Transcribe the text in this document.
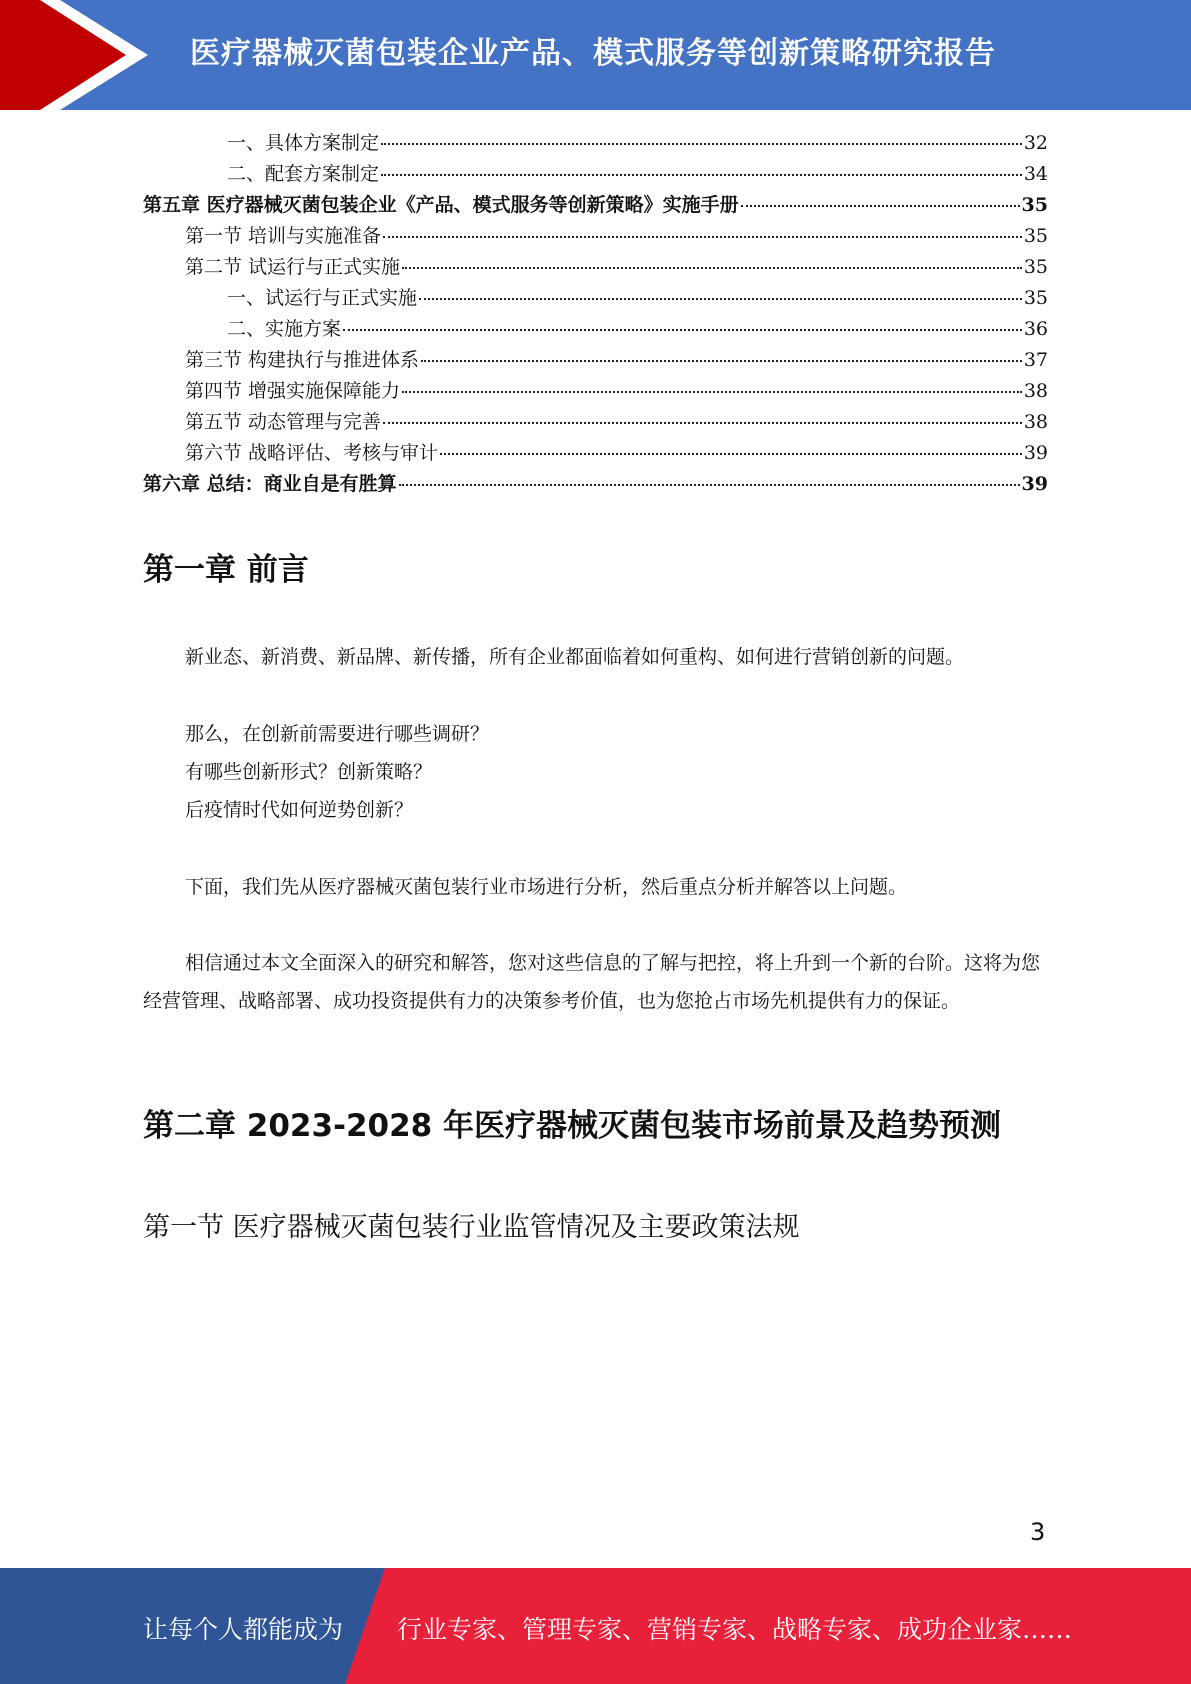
医疗器械灭菌包装企业产品、模式服务等创新策略研究报告
一、具体方案制定	32
二、配套方案制定	34
第五章 医疗器械灭菌包装企业《产品、模式服务等创新策略》实施手册	35
第一节 培训与实施准备	35
第二节 试运行与正式实施	35
一、试运行与正式实施	35
二、实施方案	36
第三节 构建执行与推进体系	37
第四节 增强实施保障能力	38
第五节 动态管理与完善	38
第六节 战略评估、考核与审计	39
第六章 总结：商业自是有胜算	39
第一章 前言
新业态、新消费、新品牌、新传播，所有企业都面临着如何重构、如何进行营销创新的问题。
那么，在创新前需要进行哪些调研？
有哪些创新形式？创新策略？
后疫情时代如何逆势创新？
下面，我们先从医疗器械灭菌包装行业市场进行分析，然后重点分析并解答以上问题。
相信通过本文全面深入的研究和解答，您对这些信息的了解与把控，将上升到一个新的台阶。这将为您经营管理、战略部署、成功投资提供有力的决策参考价值，也为您抢占市场先机提供有力的保证。
第二章 2023-2028 年医疗器械灭菌包装市场前景及趋势预测
第一节 医疗器械灭菌包装行业监管情况及主要政策法规
3
让每个人都能成为 行业专家、管理专家、营销专家、战略专家、成功企业家……
